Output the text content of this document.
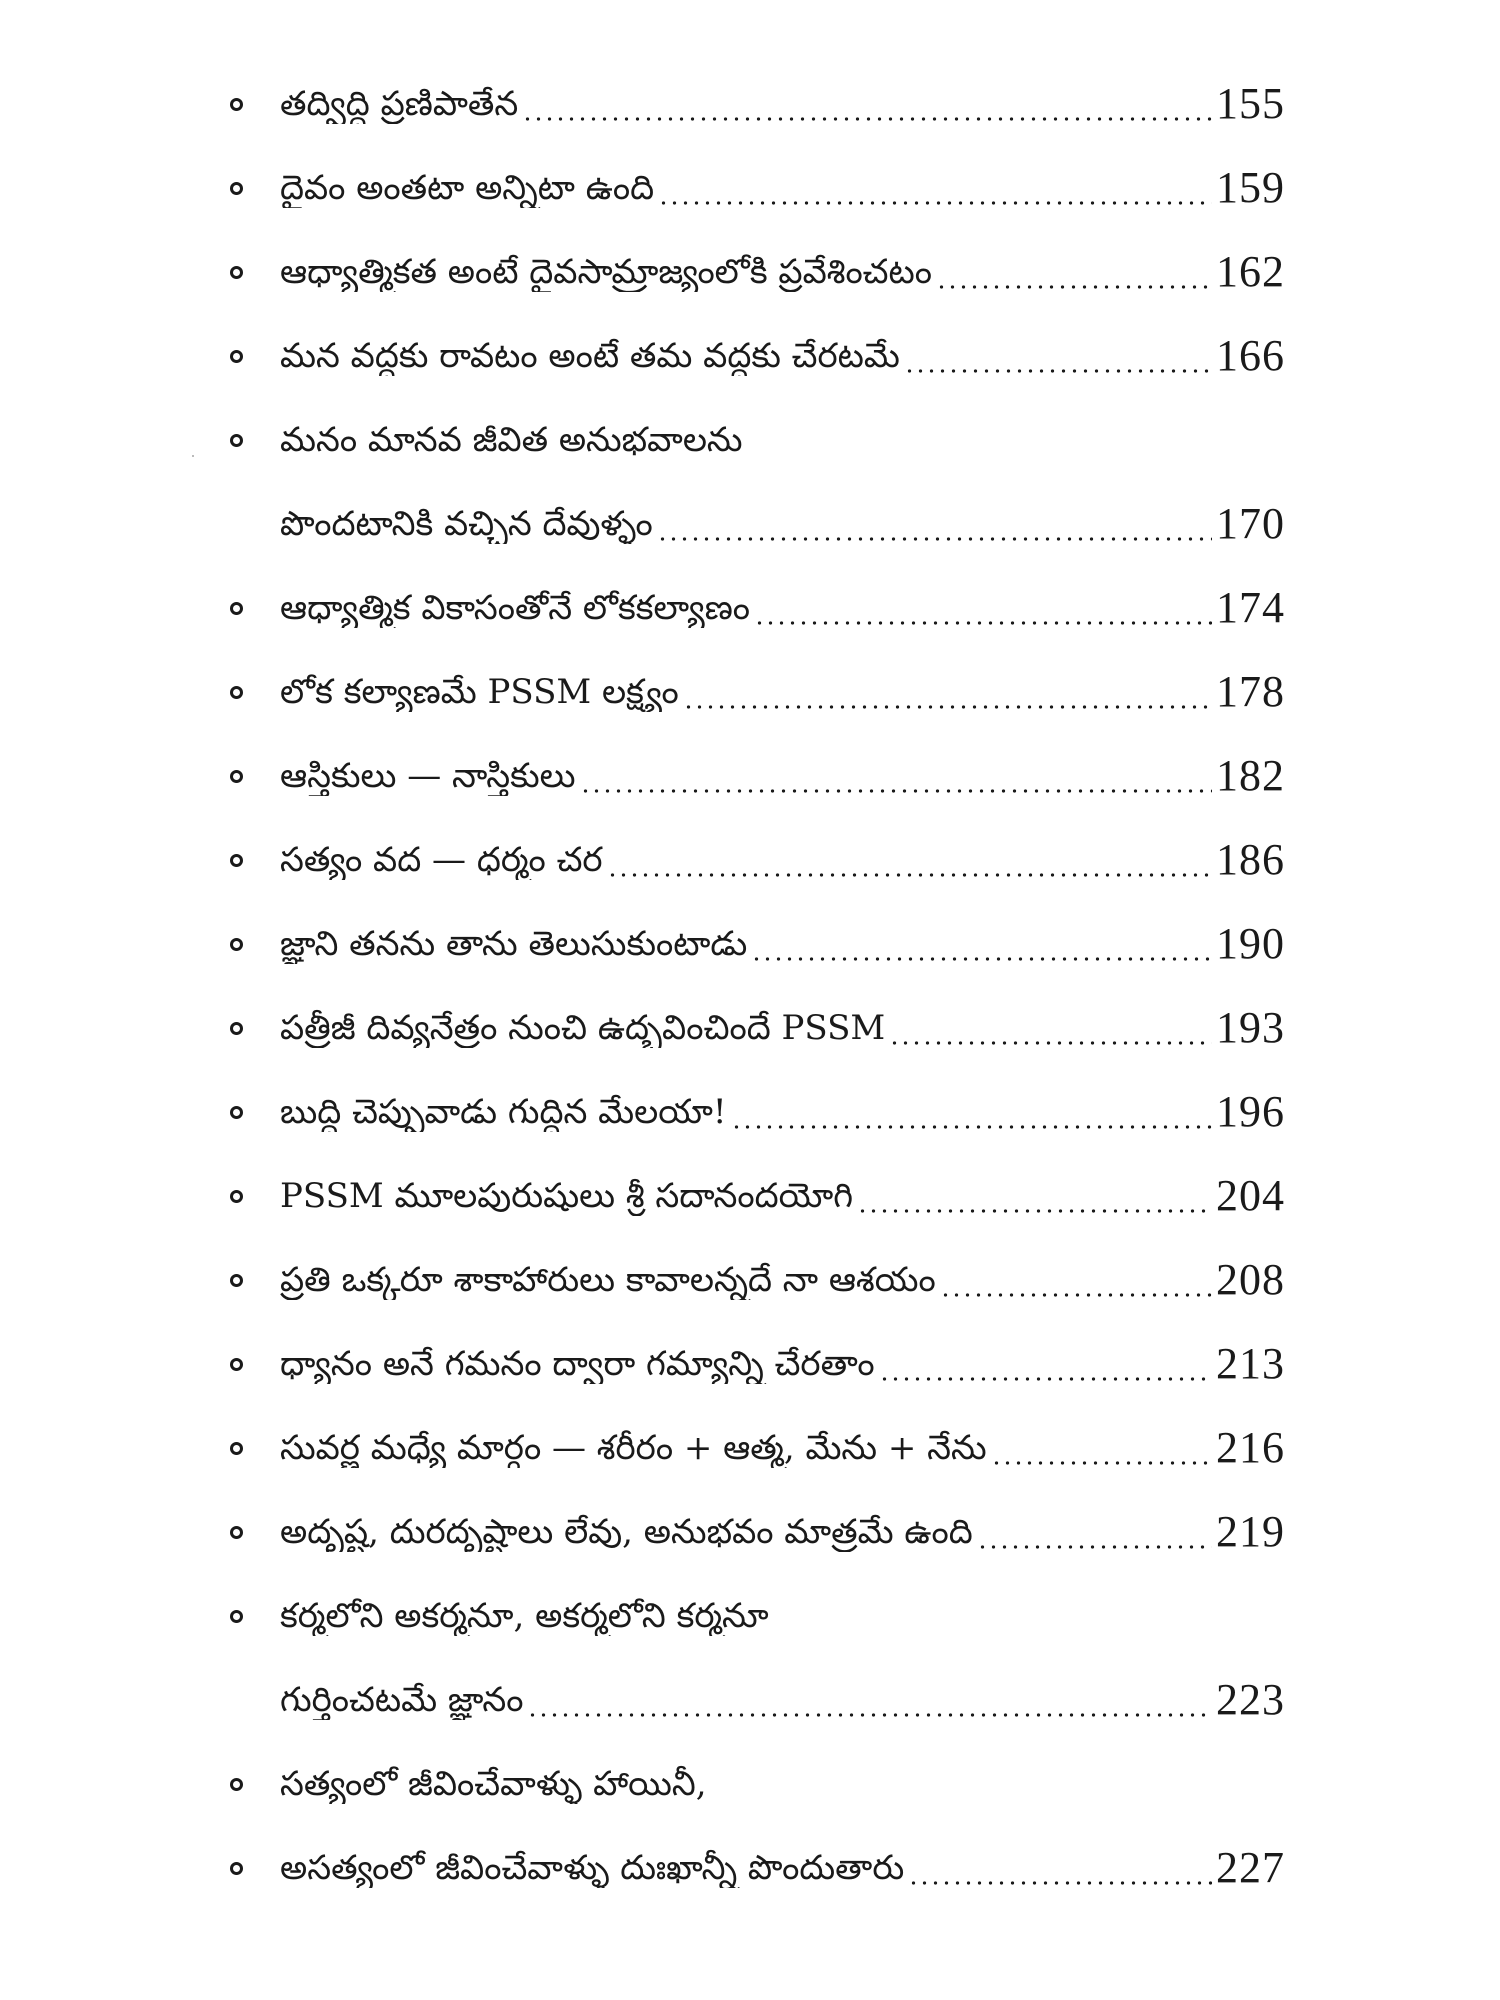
తద్విద్ధి ప్రణిపాతేన	155
దైవం అంతటా అన్నిటా ఉంది	159
ఆధ్యాత్మికత అంటే దైవసామ్రాజ్యంలోకి ప్రవేశించటం	162
మన వద్దకు రావటం అంటే తమ వద్దకు చేరటమే	166
మనం మానవ జీవిత అనుభవాలను
పొందటానికి వచ్చిన దేవుళ్ళం	170
ఆధ్యాత్మిక వికాసంతోనే లోకకల్యాణం	174
లోక కల్యాణమే PSSM లక్ష్యం	178
ఆస్తికులు — నాస్తికులు	182
సత్యం వద — ధర్మం చర	186
జ్ఞాని తనను తాను తెలుసుకుంటాడు	190
పత్రీజీ దివ్యనేత్రం నుంచి ఉద్భవించిందే PSSM	193
బుద్ధి చెప్పువాడు గుద్దిన మేలయా!	196
PSSM మూలపురుషులు శ్రీ సదానందయోగి	204
ప్రతి ఒక్కరూ శాకాహారులు కావాలన్నదే నా ఆశయం	208
ధ్యానం అనే గమనం ద్వారా గమ్యాన్ని చేరతాం	213
సువర్ణ మధ్యే మార్గం — శరీరం + ఆత్మ, మేను + నేను	216
అదృష్ట, దురదృష్టాలు లేవు, అనుభవం మాత్రమే ఉంది	219
కర్మలోని అకర్మనూ, అకర్మలోని కర్మనూ
గుర్తించటమే జ్ఞానం	223
సత్యంలో జీవించేవాళ్ళు హాయినీ,
అసత్యంలో జీవించేవాళ్ళు దుఃఖాన్నీ పొందుతారు	227
